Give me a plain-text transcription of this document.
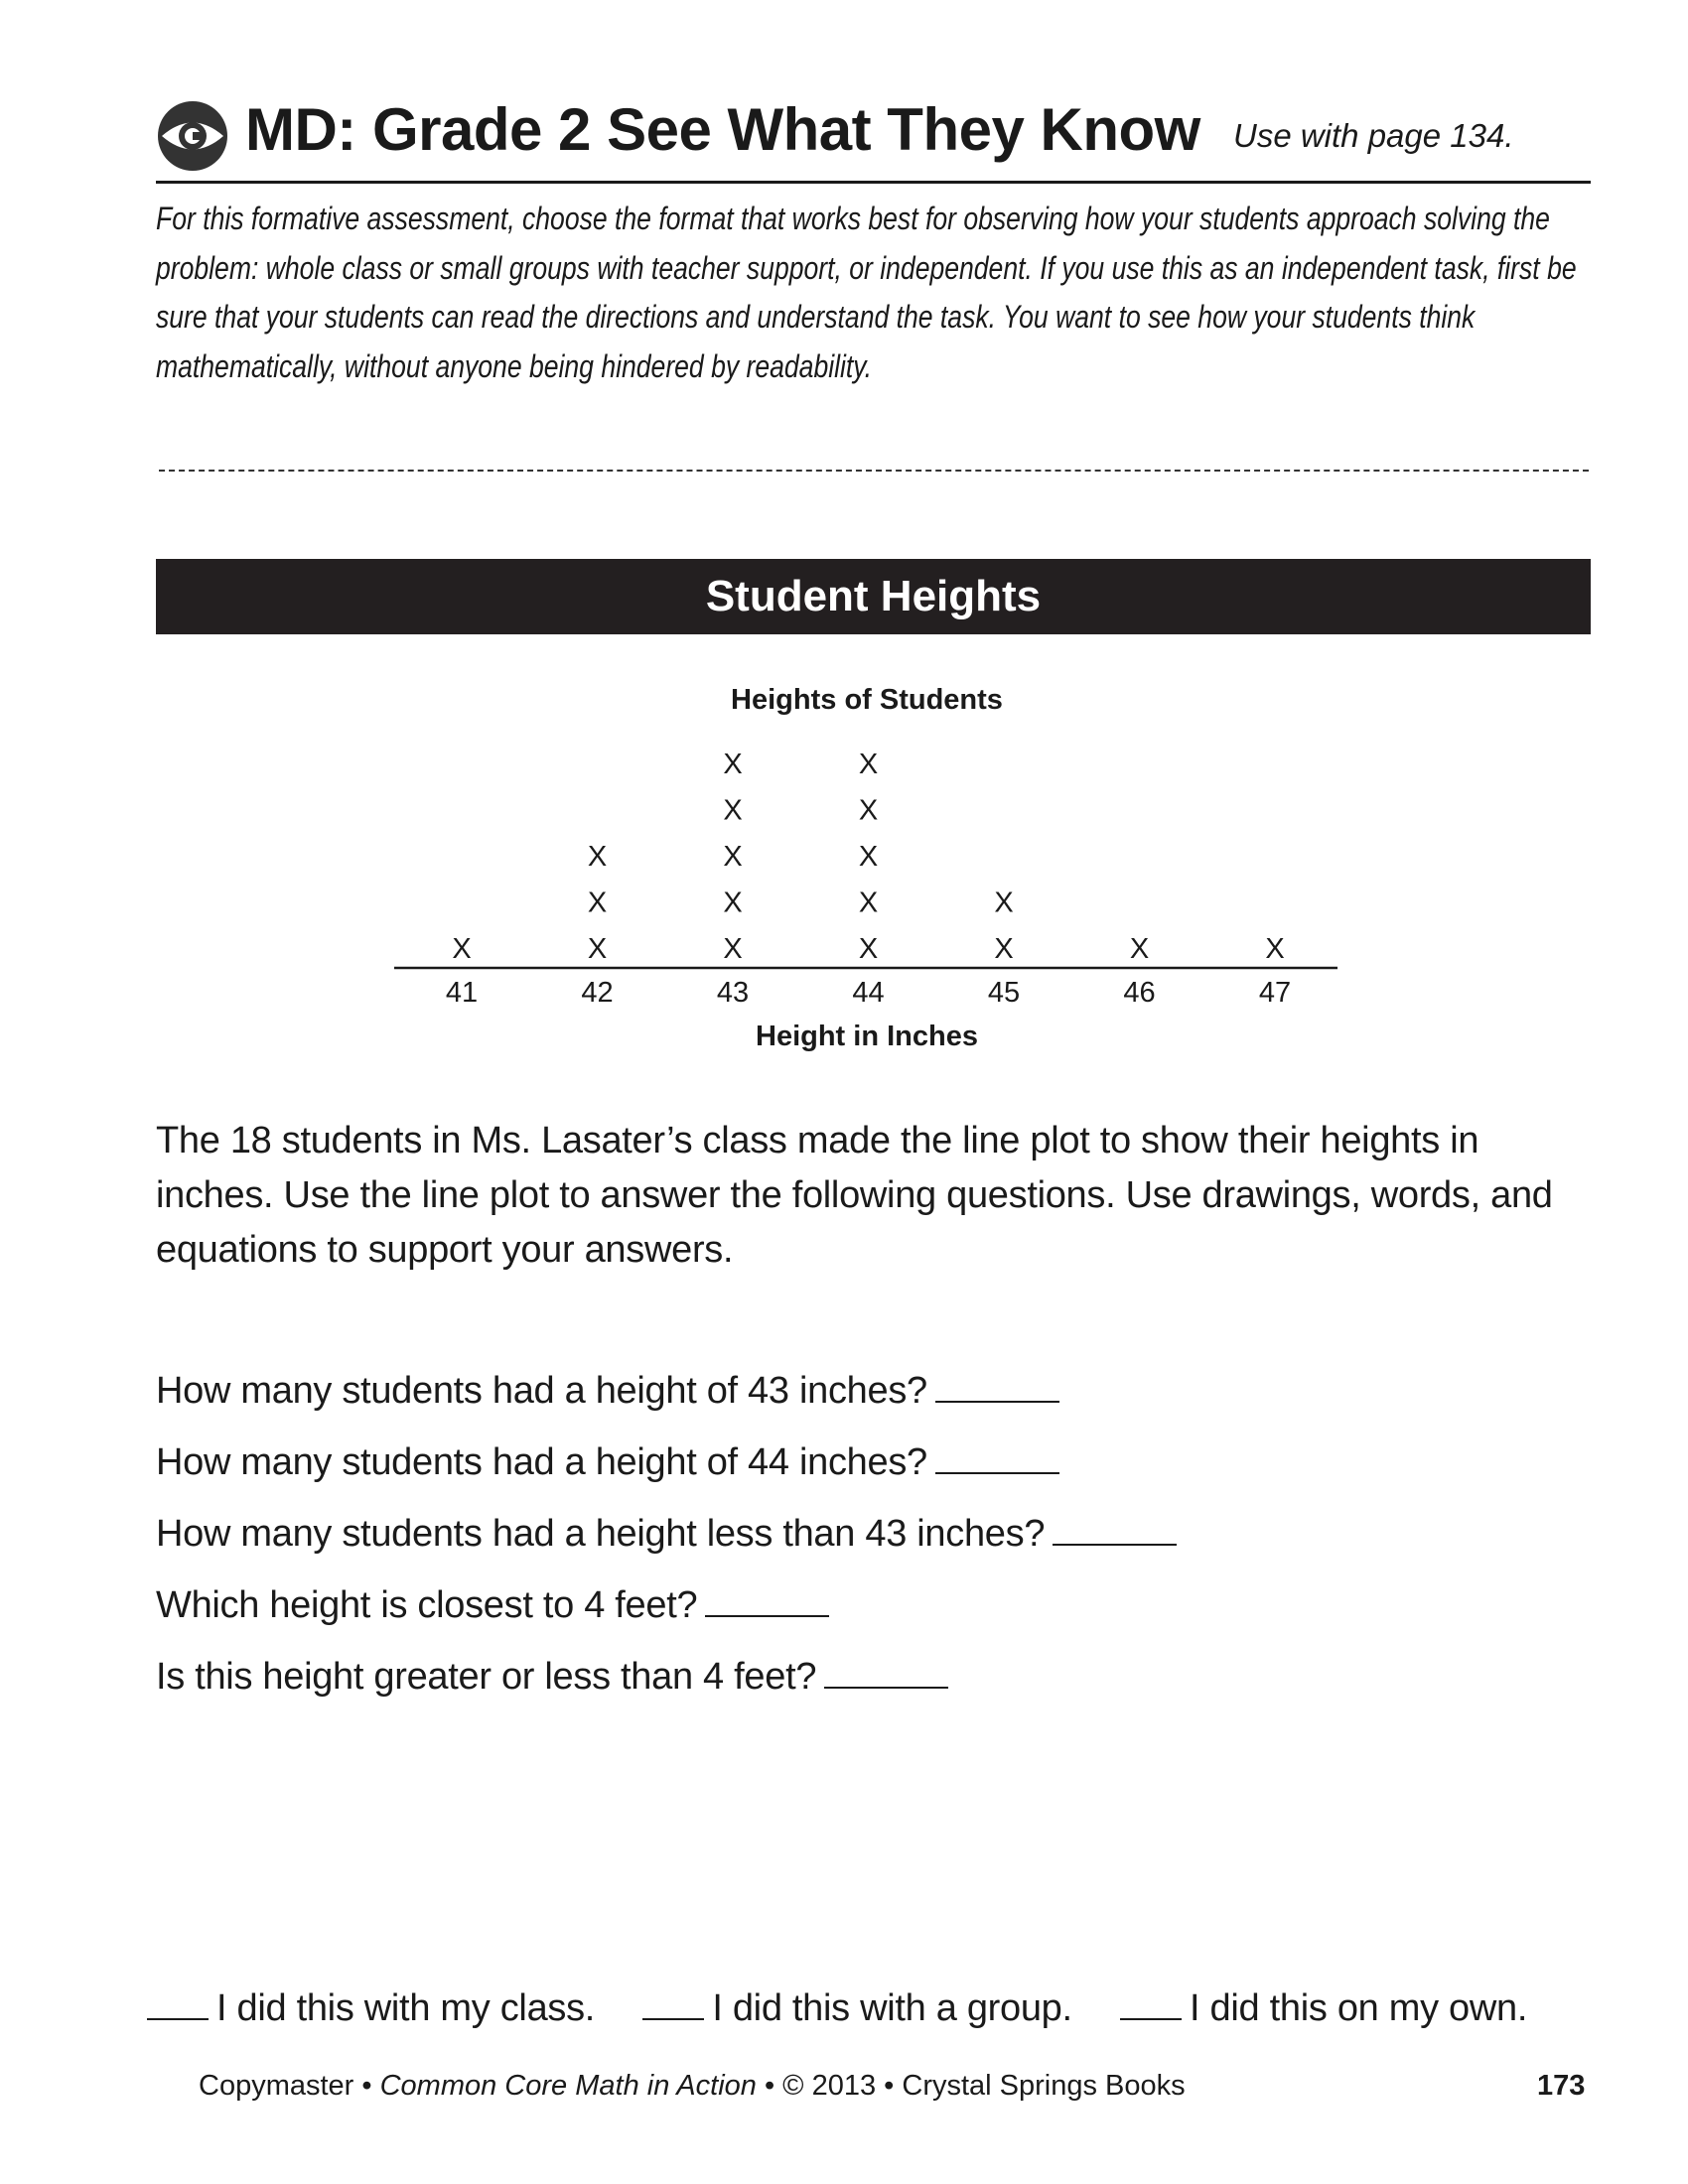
MD: Grade 2 See What They Know Use with page 134.
For this formative assessment, choose the format that works best for observing how your students approach solving the problem: whole class or small groups with teacher support, or independent. If you use this as an independent task, first be sure that your students can read the directions and understand the task. You want to see how your students think mathematically, without anyone being hindered by readability.
Student Heights
Heights of Students
41
X
42
X
X
X
43
X
X
X
X
X
44
X
X
X
X
X
45
X
X
46
X
47
X
Height in Inches
The 18 students in Ms. Lasater’s class made the line plot to show their heights in inches. Use the line plot to answer the following questions. Use drawings, words, and equations to support your answers.
How many students had a height of 43 inches?
How many students had a height of 44 inches?
How many students had a height less than 43 inches?
Which height is closest to 4 feet?
Is this height greater or less than 4 feet?
I did this with my class.	I did this with a group.	I did this on my own.
Copymaster • Common Core Math in Action • © 2013 • Crystal Springs Books	173
